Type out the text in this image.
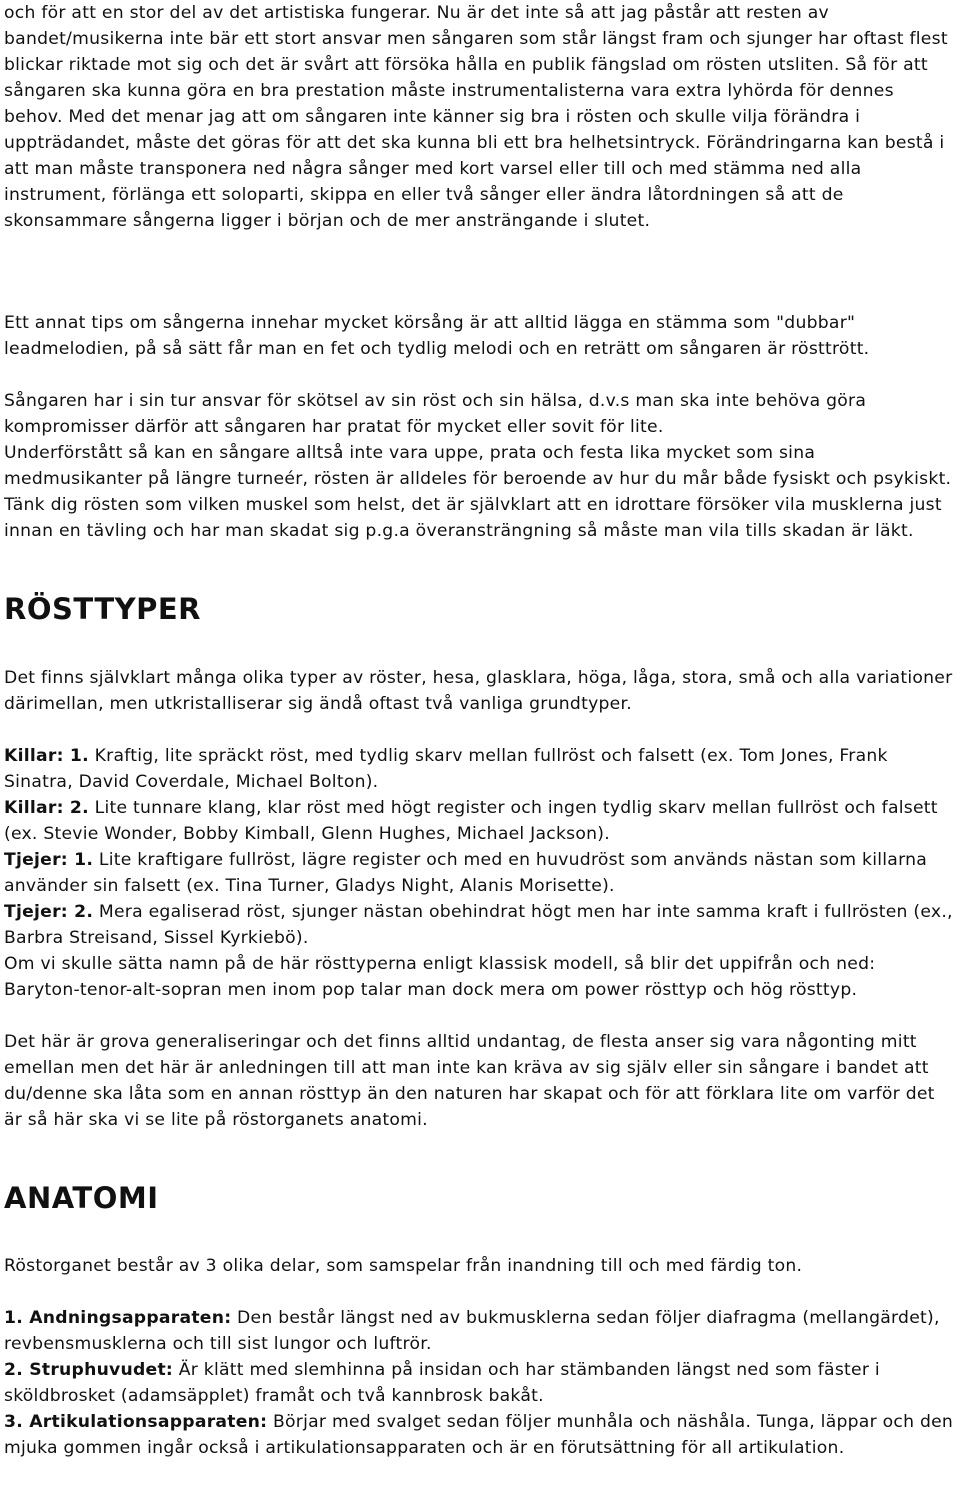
och för att en stor del av det artistiska fungerar. Nu är det inte så att jag påstår att resten av bandet/musikerna inte bär ett stort ansvar men sångaren som står längst fram och sjunger har oftast flest blickar riktade mot sig och det är svårt att försöka hålla en publik fängslad om rösten utsliten. Så för att sångaren ska kunna göra en bra prestation måste instrumentalisterna vara extra lyhörda för dennes behov. Med det menar jag att om sångaren inte känner sig bra i rösten och skulle vilja förändra i uppträdandet, måste det göras för att det ska kunna bli ett bra helhetsintryck. Förändringarna kan bestå i att man måste transponera ned några sånger med kort varsel eller till och med stämma ned alla instrument, förlänga ett soloparti, skippa en eller två sånger eller ändra låtordningen så att de skonsammare sångerna ligger i början och de mer ansträngande i slutet.

Ett annat tips om sångerna innehar mycket körsång är att alltid lägga en stämma som "dubbar" leadmelodien, på så sätt får man en fet och tydlig melodi och en reträtt om sångaren är rösttrött.

Sångaren har i sin tur ansvar för skötsel av sin röst och sin hälsa, d.v.s man ska inte behöva göra kompromisser därför att sångaren har pratat för mycket eller sovit för lite.

Underförstått så kan en sångare alltså inte vara uppe, prata och festa lika mycket som sina medmusikanter på längre turneér, rösten är alldeles för beroende av hur du mår både fysiskt och psykiskt. Tänk dig rösten som vilken muskel som helst, det är självklart att en idrottare försöker vila musklerna just innan en tävling och har man skadat sig p.g.a överansträngning så måste man vila tills skadan är läkt.

RÖSTTYPER

Det finns självklart många olika typer av röster, hesa, glasklara, höga, låga, stora, små och alla variationer därimellan, men utkristalliserar sig ändå oftast två vanliga grundtyper.

Killar: 1. Kraftig, lite spräckt röst, med tydlig skarv mellan fullröst och falsett (ex. Tom Jones, Frank Sinatra, David Coverdale, Michael Bolton).

Killar: 2. Lite tunnare klang, klar röst med högt register och ingen tydlig skarv mellan fullröst och falsett (ex. Stevie Wonder, Bobby Kimball, Glenn Hughes, Michael Jackson).

Tjejer: 1. Lite kraftigare fullröst, lägre register och med en huvudröst som används nästan som killarna använder sin falsett (ex. Tina Turner, Gladys Night, Alanis Morisette).

Tjejer: 2. Mera egaliserad röst, sjunger nästan obehindrat högt men har inte samma kraft i fullrösten (ex., Barbra Streisand, Sissel Kyrkiebö).

Om vi skulle sätta namn på de här rösttyperna enligt klassisk modell, så blir det uppifrån och ned: Baryton-tenor-alt-sopran men inom pop talar man dock mera om power rösttyp och hög rösttyp.

Det här är grova generaliseringar och det finns alltid undantag, de flesta anser sig vara någonting mitt emellan men det här är anledningen till att man inte kan kräva av sig själv eller sin sångare i bandet att du/denne ska låta som en annan rösttyp än den naturen har skapat och för att förklara lite om varför det är så här ska vi se lite på röstorganets anatomi.

ANATOMI

Röstorganet består av 3 olika delar, som samspelar från inandning till och med färdig ton.

1. Andningsapparaten: Den består längst ned av bukmusklerna sedan följer diafragma (mellangärdet), revbensmusklerna och till sist lungor och luftrör.

2. Struphuvudet: Är klätt med slemhinna på insidan och har stämbanden längst ned som fäster i sköldbrosket (adamsäpplet) framåt och två kannbrosk bakåt.

3. Artikulationsapparaten: Börjar med svalget sedan följer munhåla och näshåla. Tunga, läppar och den mjuka gommen ingår också i artikulationsapparaten och är en förutsättning för all artikulation.
